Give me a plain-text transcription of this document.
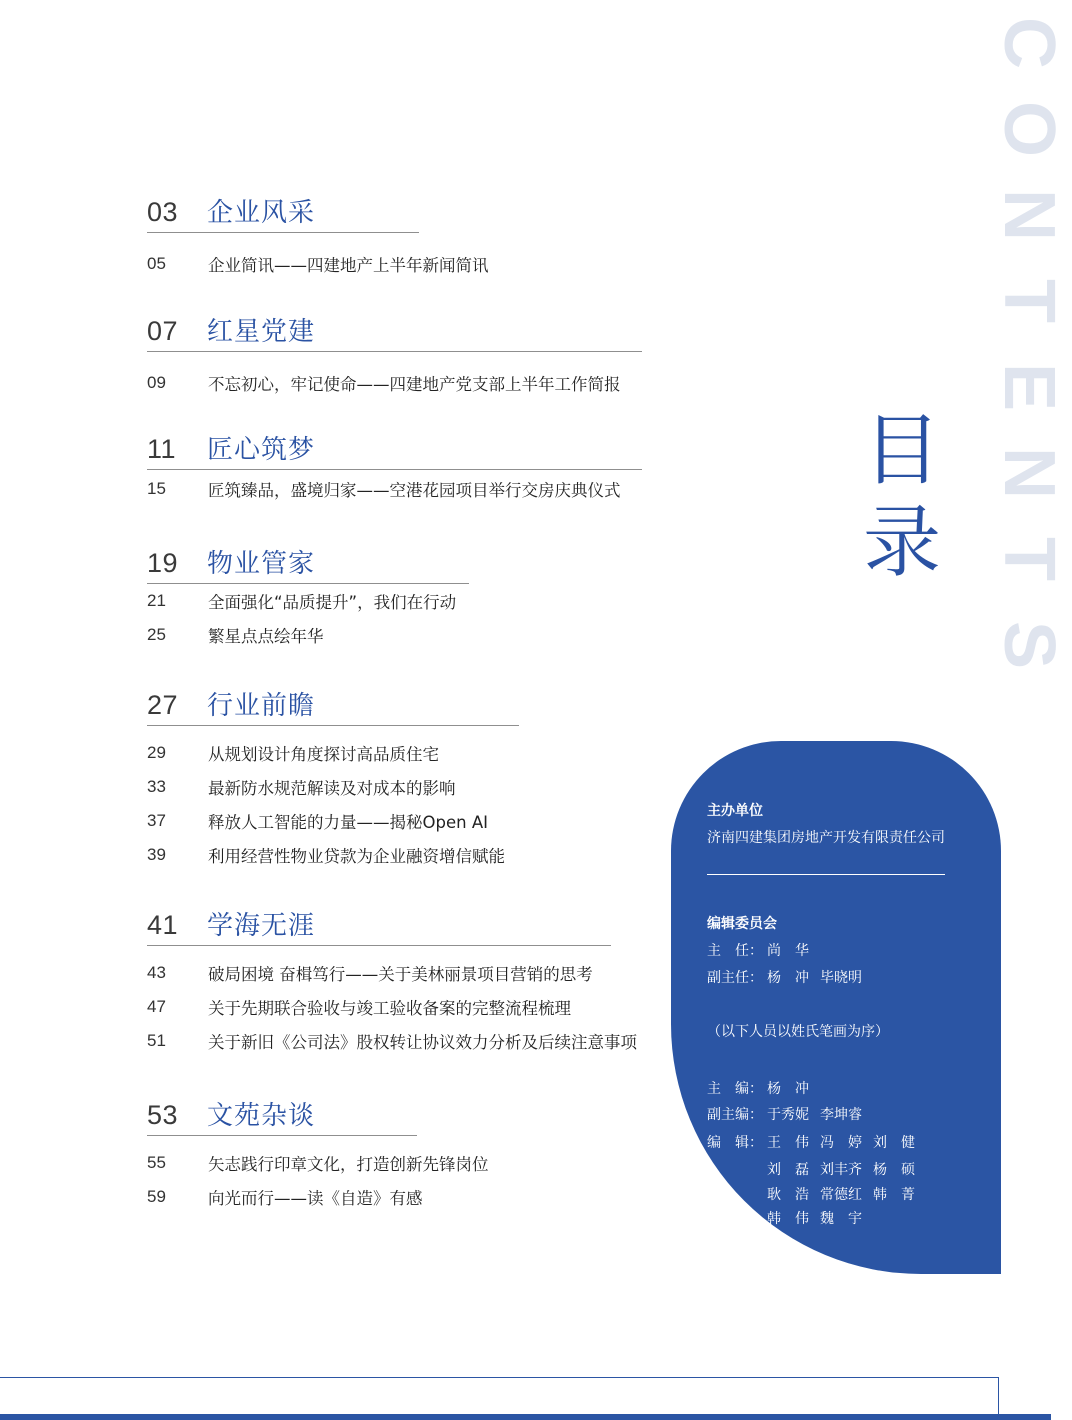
C
O
N
T
E
N
T
S
目
录
03	企业风采
05	企业简讯——四建地产上半年新闻简讯
07	红星党建
09	不忘初心，牢记使命——四建地产党支部上半年工作简报
11	匠心筑梦
15	匠筑臻品，盛境归家——空港花园项目举行交房庆典仪式
19	物业管家
21	全面强化“品质提升”，我们在行动
25	繁星点点绘年华
27	行业前瞻
29	从规划设计角度探讨高品质住宅
33	最新防水规范解读及对成本的影响
37	释放人工智能的力量——揭秘Open AI
39	利用经营性物业贷款为企业融资增信赋能
41	学海无涯
43	破局困境 奋楫笃行——关于美林丽景项目营销的思考
47	关于先期联合验收与竣工验收备案的完整流程梳理
51	关于新旧《公司法》股权转让协议效力分析及后续注意事项
53	文苑杂谈
55	矢志践行印章文化，打造创新先锋岗位
59	向光而行——读《自造》有感
主办单位
济南四建集团房地产开发有限责任公司
编辑委员会
主　任： 尚　华
副主任： 杨　冲 毕晓明
（以下人员以姓氏笔画为序）
主　编： 杨　冲
副主编： 于秀妮 李坤睿
编　辑： 王　伟 冯　婷 刘　健
刘　磊 刘丰齐 杨　硕
耿　浩 常德红 韩　菁
韩　伟 魏　宇
